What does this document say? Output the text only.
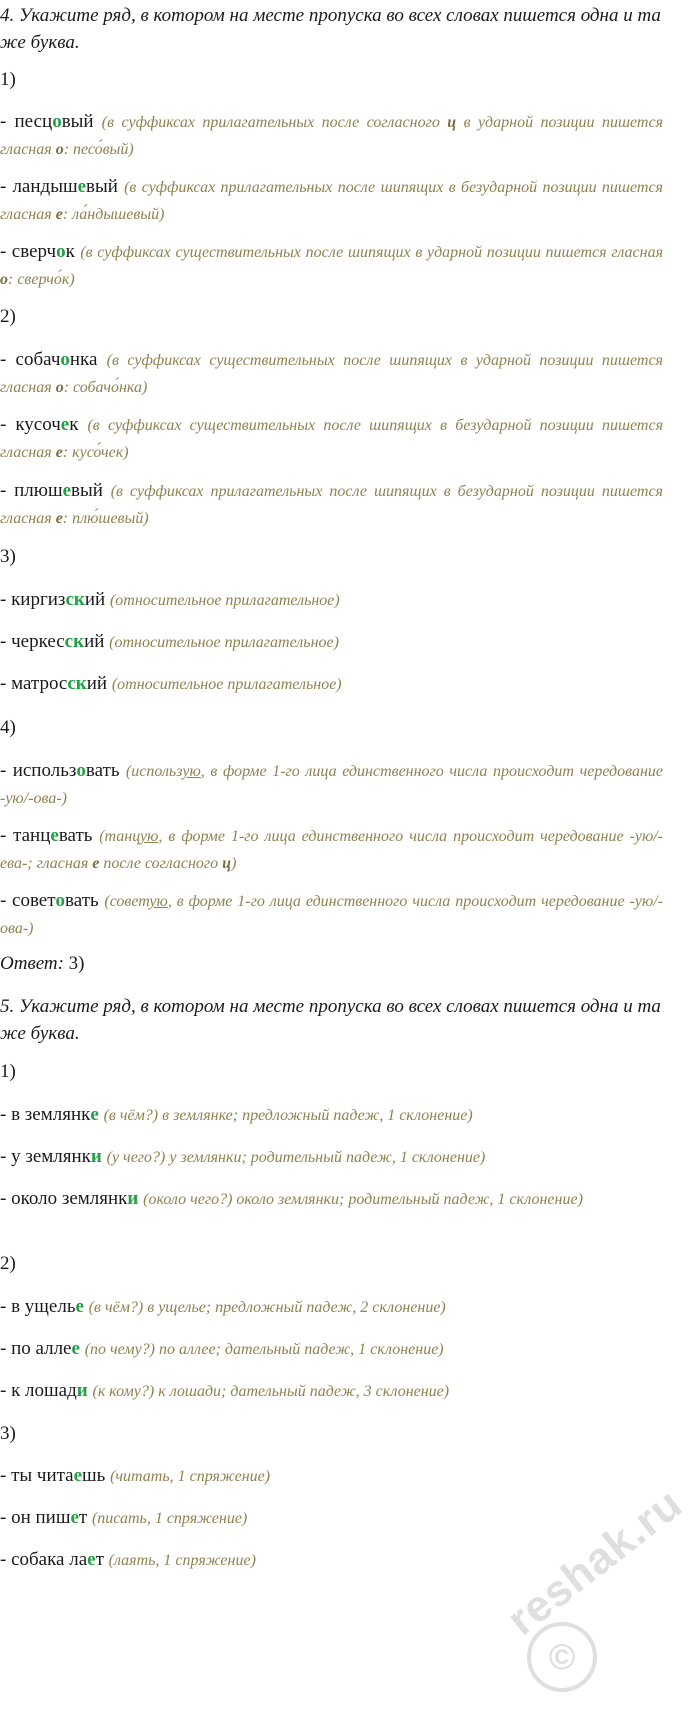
4. Укажите ряд, в котором на месте пропуска во всех словах пишется одна и та же буква.

1)

- песцовый (в суффиксах прилагательных после согласного ц в ударной позиции пишется гласная о: песо́вый)

- ландышевый (в суффиксах прилагательных после шипящих в безударной позиции пишется гласная е: ла́ндышевый)

- сверчок (в суффиксах существительных после шипящих в ударной позиции пишется гласная о: сверчо́к)

2)

- собачонка (в суффиксах существительных после шипящих в ударной позиции пишется гласная о: собачо́нка)

- кусочек (в суффиксах существительных после шипящих в безударной позиции пишется гласная е: кусо́чек)

- плюшевый (в суффиксах прилагательных после шипящих в безударной позиции пишется гласная е: плю́шевый)

3)

- киргизский (относительное прилагательное)

- черкесский (относительное прилагательное)

- матросский (относительное прилагательное)

4)

- использовать (использую, в форме 1-го лица единственного числа происходит чередование -ую/-ова-)

- танцевать (танцую, в форме 1-го лица единственного числа происходит чередование -ую/-ева-; гласная е после согласного ц)

- советовать (советую, в форме 1-го лица единственного числа происходит чередование -ую/-ова-)

Ответ: 3)

5. Укажите ряд, в котором на месте пропуска во всех словах пишется одна и та же буква.

1)

- в землянке (в чём?) в землянке; предложный падеж, 1 склонение)

- у землянки (у чего?) у землянки; родительный падеж, 1 склонение)

- около землянки (около чего?) около землянки; родительный падеж, 1 склонение)

2)

- в ущелье (в чём?) в ущелье; предложный падеж, 2 склонение)

- по аллее (по чему?) по аллее; дательный падеж, 1 склонение)

- к лошади (к кому?) к лошади; дательный падеж, 3 склонение)

3)

- ты читаешь (читать, 1 спряжение)

- он пишет (писать, 1 спряжение)

- собака лает (лаять, 1 спряжение)	reshak.ru
©
